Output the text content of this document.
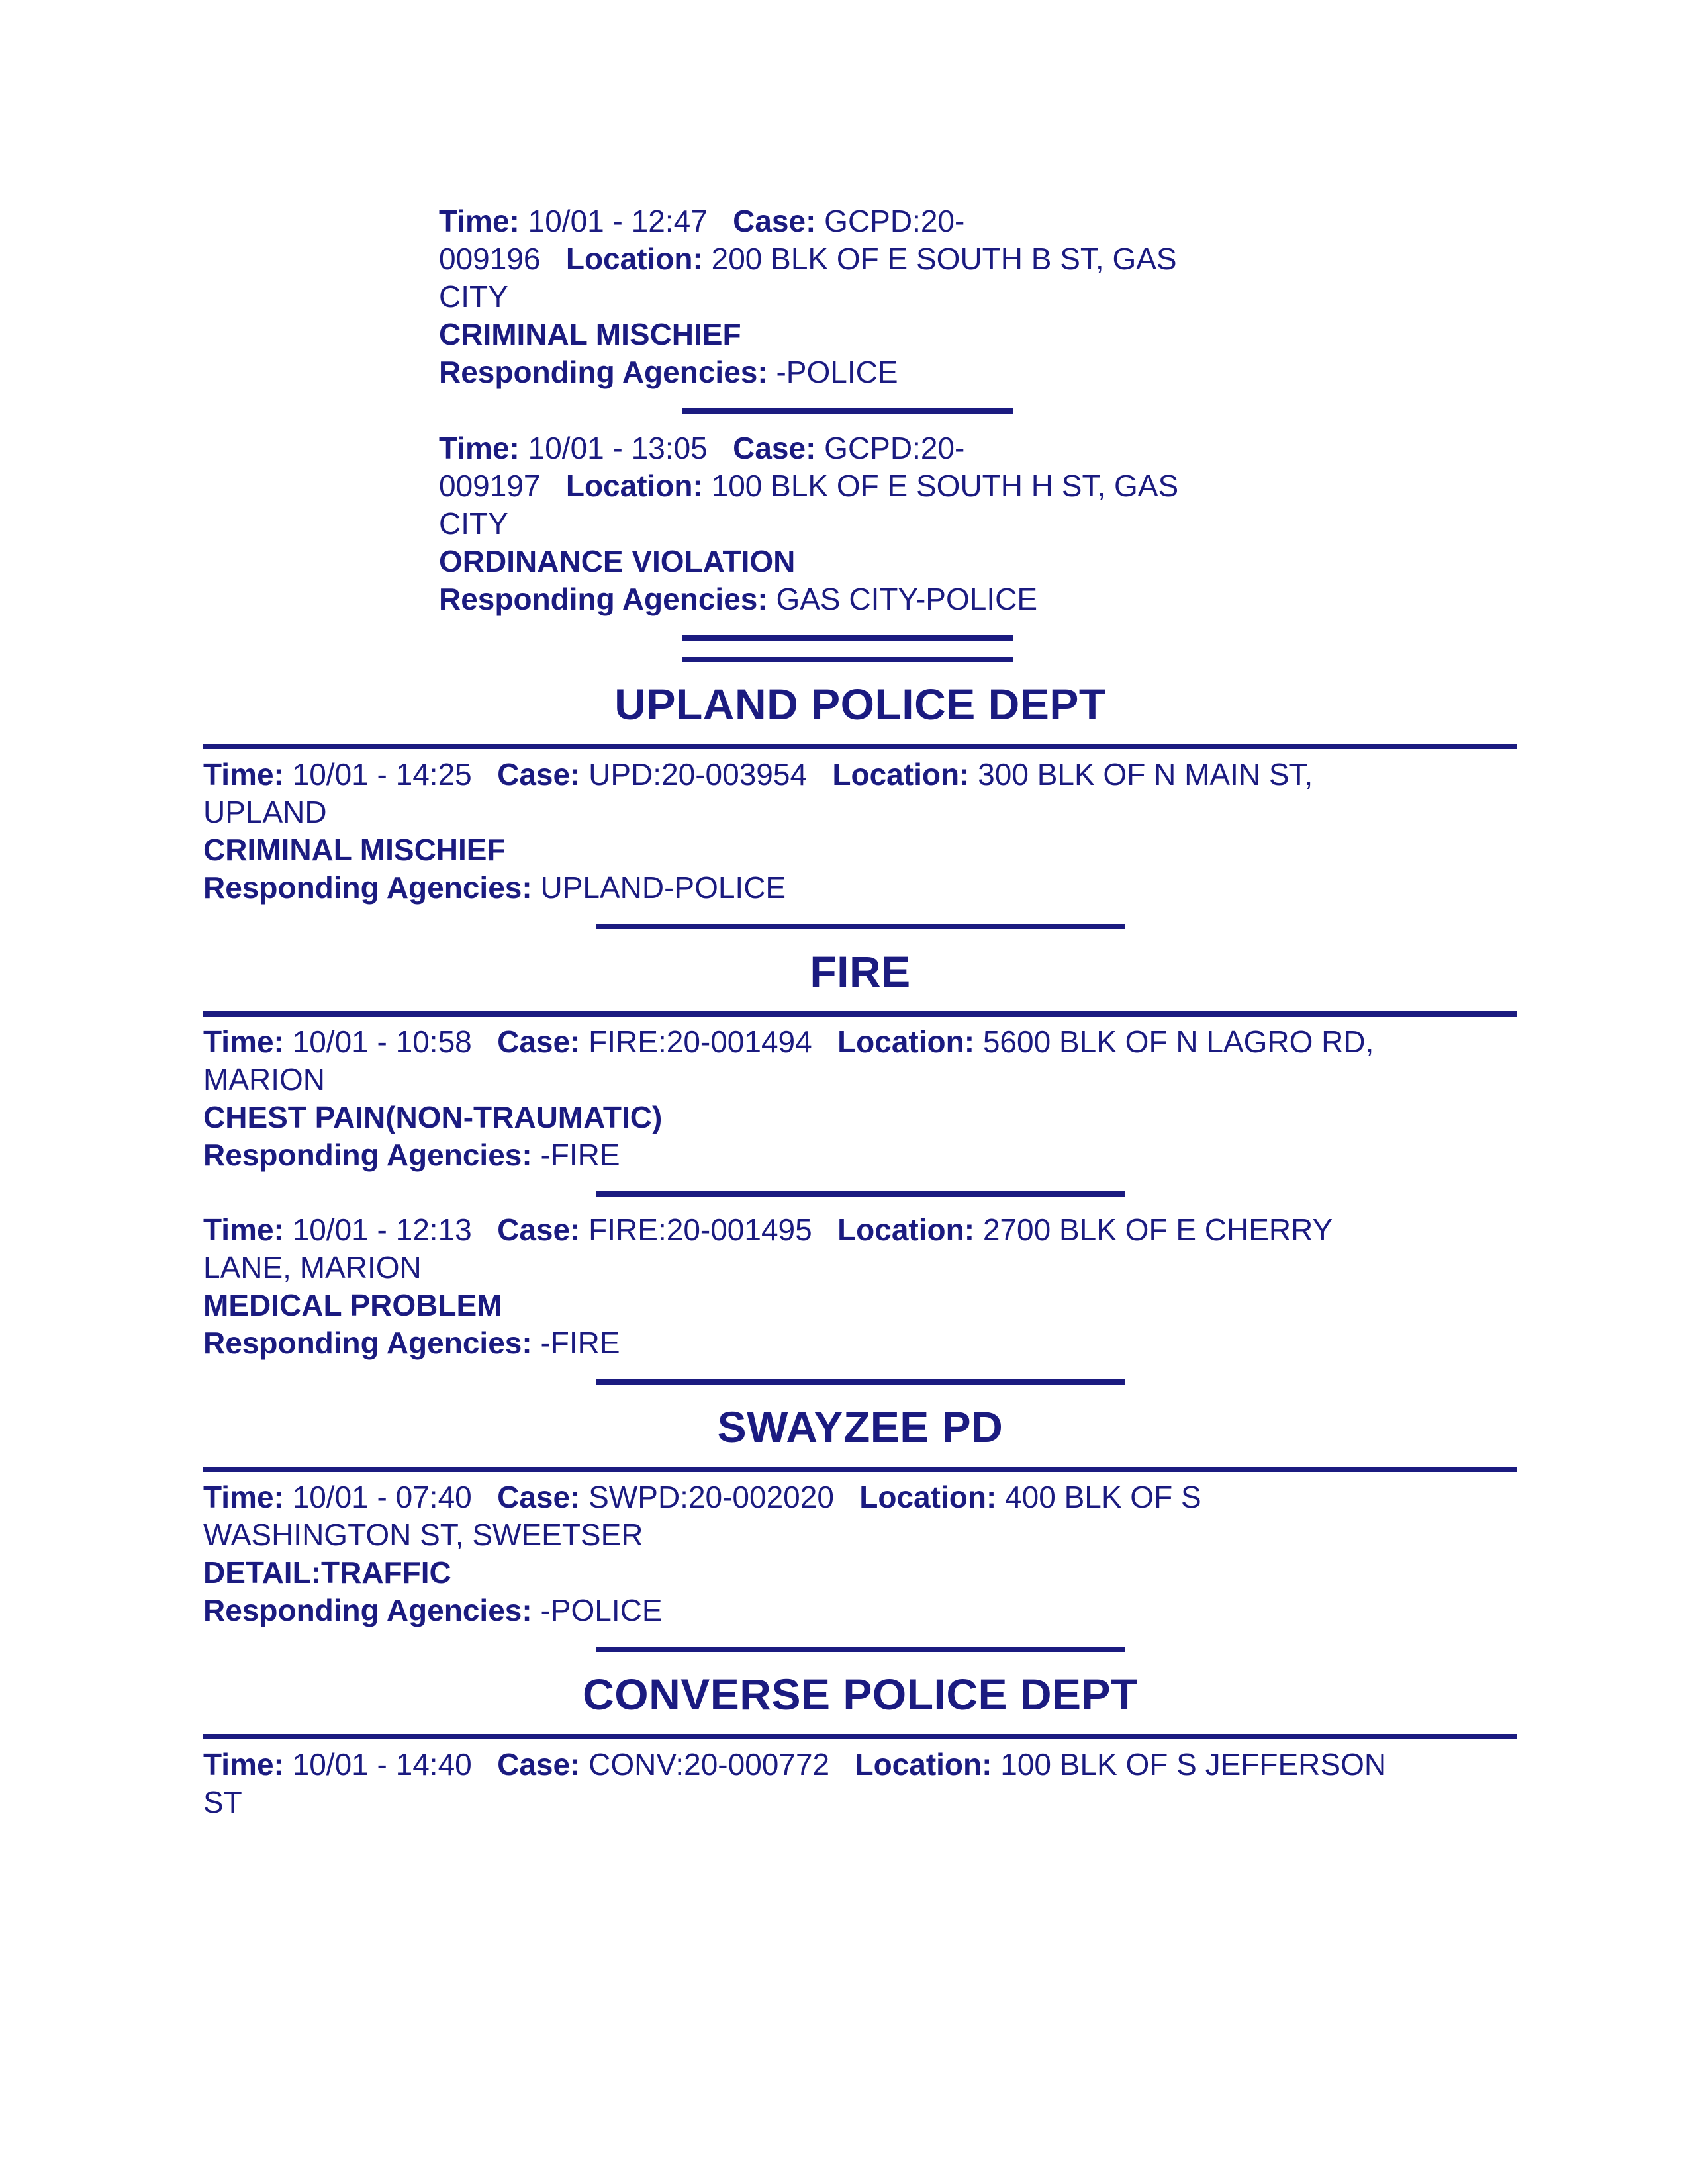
Time: 10/01 - 12:47   Case: GCPD:20-
009196   Location: 200 BLK OF E SOUTH B ST, GAS
CITY
CRIMINAL MISCHIEF
Responding Agencies: -POLICE
Time: 10/01 - 13:05   Case: GCPD:20-
009197   Location: 100 BLK OF E SOUTH H ST, GAS
CITY
ORDINANCE VIOLATION
Responding Agencies: GAS CITY-POLICE
UPLAND POLICE DEPT
Time: 10/01 - 14:25   Case: UPD:20-003954   Location: 300 BLK OF N MAIN ST,
UPLAND
CRIMINAL MISCHIEF
Responding Agencies: UPLAND-POLICE
FIRE
Time: 10/01 - 10:58   Case: FIRE:20-001494   Location: 5600 BLK OF N LAGRO RD,
MARION
CHEST PAIN(NON-TRAUMATIC)
Responding Agencies: -FIRE
Time: 10/01 - 12:13   Case: FIRE:20-001495   Location: 2700 BLK OF E CHERRY
LANE, MARION
MEDICAL PROBLEM
Responding Agencies: -FIRE
SWAYZEE PD
Time: 10/01 - 07:40   Case: SWPD:20-002020   Location: 400 BLK OF S
WASHINGTON ST, SWEETSER
DETAIL:TRAFFIC
Responding Agencies: -POLICE
CONVERSE POLICE DEPT
Time: 10/01 - 14:40   Case: CONV:20-000772   Location: 100 BLK OF S JEFFERSON
ST
